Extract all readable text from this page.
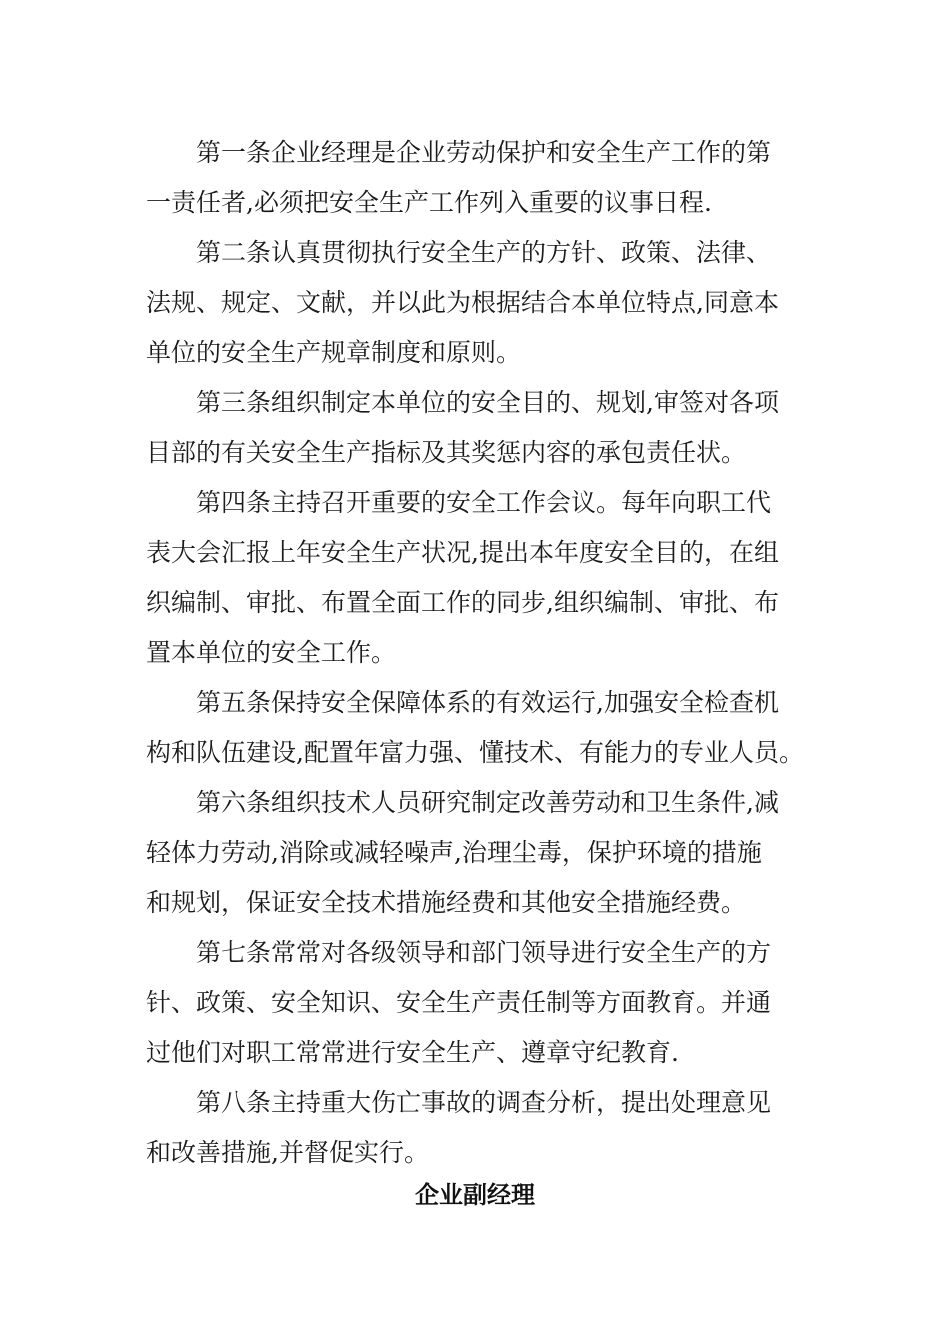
第一条企业经理是企业劳动保护和安全生产工作的第
一责任者,必须把安全生产工作列入重要的议事日程.

第二条认真贯彻执行安全生产的方针、政策、法律、
法规、规定、文献，并以此为根据结合本单位特点,同意本
单位的安全生产规章制度和原则。

第三条组织制定本单位的安全目的、规划,审签对各项
目部的有关安全生产指标及其奖惩内容的承包责任状。

第四条主持召开重要的安全工作会议。每年向职工代
表大会汇报上年安全生产状况,提出本年度安全目的，在组
织编制、审批、布置全面工作的同步,组织编制、审批、布
置本单位的安全工作。

第五条保持安全保障体系的有效运行,加强安全检查机
构和队伍建设,配置年富力强、懂技术、有能力的专业人员。

第六条组织技术人员研究制定改善劳动和卫生条件,减
轻体力劳动,消除或减轻噪声,治理尘毒，保护环境的措施
和规划，保证安全技术措施经费和其他安全措施经费。

第七条常常对各级领导和部门领导进行安全生产的方
针、政策、安全知识、安全生产责任制等方面教育。并通
过他们对职工常常进行安全生产、遵章守纪教育.

第八条主持重大伤亡事故的调查分析，提出处理意见
和改善措施,并督促实行。

企业副经理
